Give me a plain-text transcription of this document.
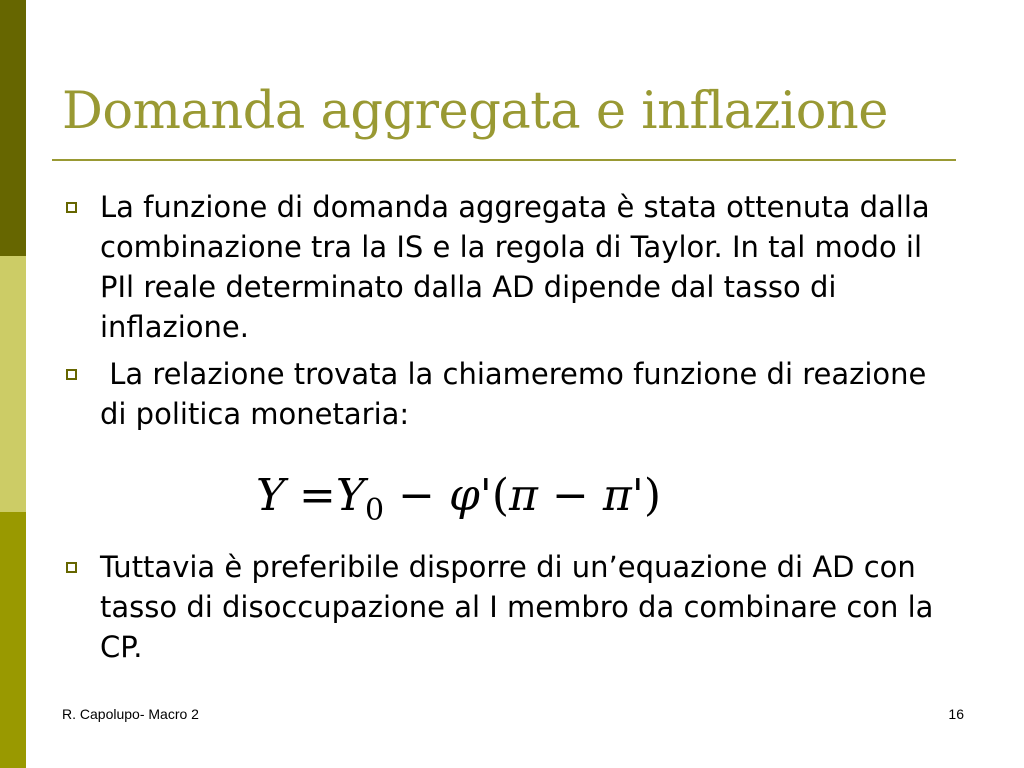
Domanda aggregata e inflazione
La funzione di domanda aggregata è stata ottenuta dalla combinazione tra la IS e la regola di Taylor. In tal modo il PIl reale determinato dalla AD dipende dal tasso di inflazione.
La relazione trovata la chiameremo funzione di reazione di politica monetaria:
$Y =Y_0 - \varphi'(\pi - \pi')$
Tuttavia è preferibile disporre di un’equazione di AD con tasso di disoccupazione al I membro da combinare con la CP.
R. Capolupo- Macro 2	16
